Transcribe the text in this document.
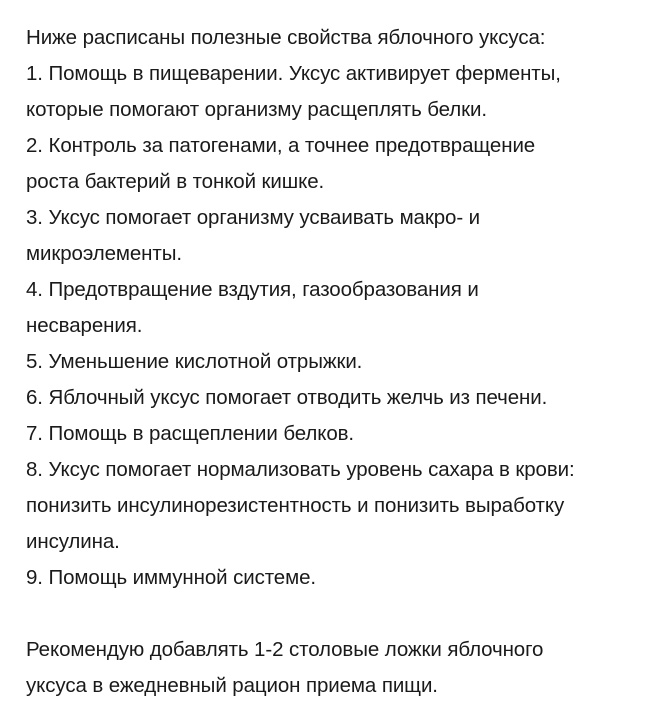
Ниже расписаны полезные свойства яблочного уксуса:
1. Помощь в пищеварении. Уксус активирует ферменты,
которые помогают организму расщеплять белки.
2. Контроль за патогенами, а точнее предотвращение
роста бактерий в тонкой кишке.
3. Уксус помогает организму усваивать макро- и
микроэлементы.
4. Предотвращение вздутия, газообразования и
несварения.
5. Уменьшение кислотной отрыжки.
6. Яблочный уксус помогает отводить желчь из печени.
7. Помощь в расщеплении белков.
8. Уксус помогает нормализовать уровень сахара в крови:
понизить инсулинорезистентность и понизить выработку
инсулина.
9. Помощь иммунной системе.
Рекомендую добавлять 1-2 столовые ложки яблочного
уксуса в ежедневный рацион приема пищи.
